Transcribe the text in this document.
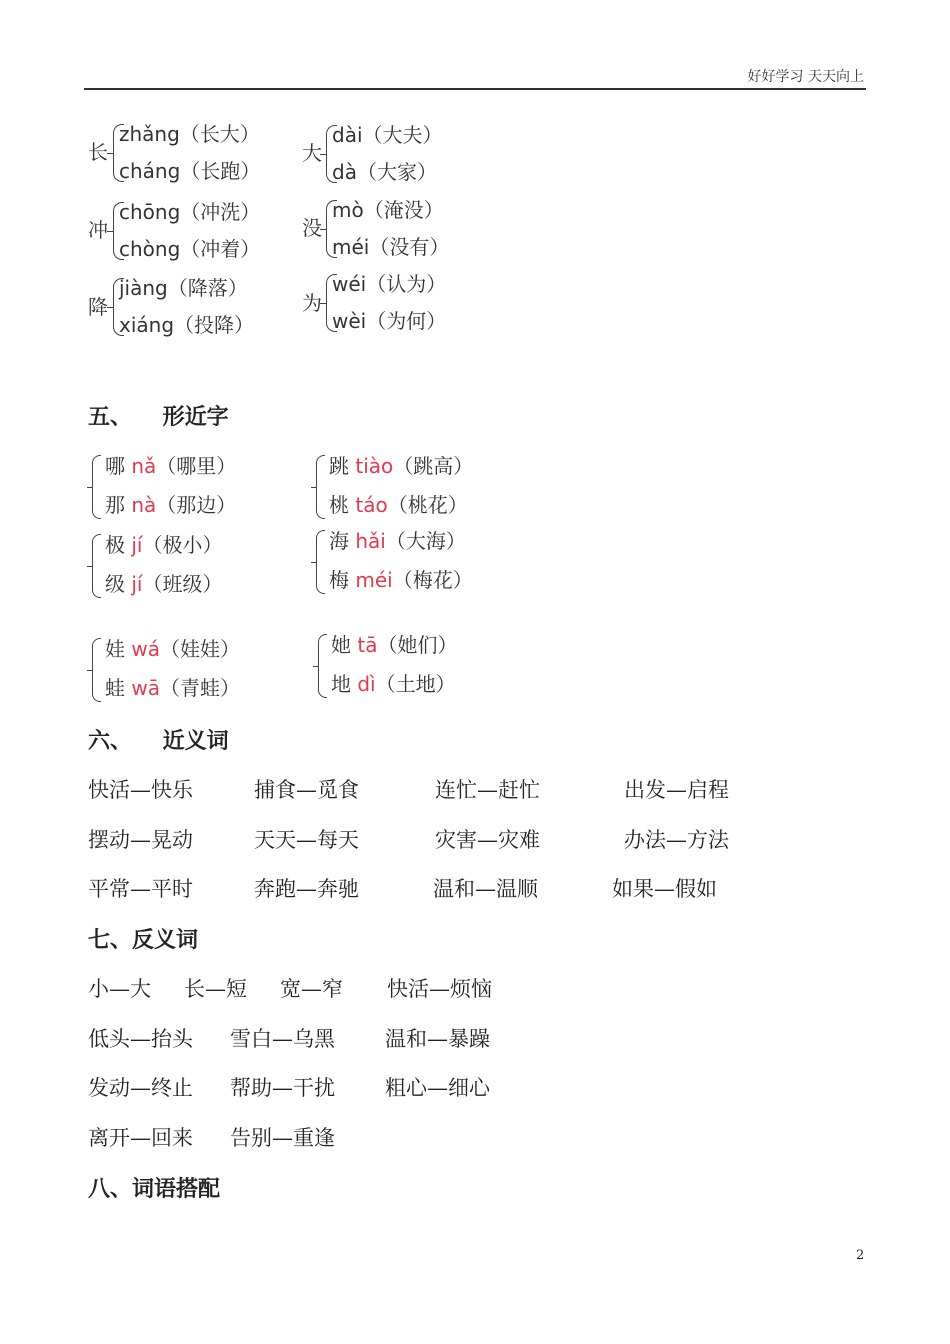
好好学习 天天向上
长
zhǎng（长大）
cháng（长跑）
大
dài（大夫）
dà（大家）
冲
chōng（冲洗）
chòng（冲着）
没
mò（淹没）
méi（没有）
降
jiàng（降落）
xiáng（投降）
为
wéi（认为）
wèi（为何）
五、    形近字
哪 nǎ（哪里）
那 nà（那边）
跳 tiào（跳高）
桃 táo（桃花）
极 jí（极小）
级 jí（班级）
海 hǎi（大海）
梅 méi（梅花）
娃 wá（娃娃）
蛙 wā（青蛙）
她 tā（她们）
地 dì（土地）
六、    近义词
快活—快乐	捕食—觅食	连忙—赶忙	出发—启程
摆动—晃动	天天—每天	灾害—灾难	办法—方法
平常—平时	奔跑—奔驰	温和—温顺	如果—假如
七、反义词
小—大 长—短 宽—窄 快活—烦恼
低头—抬头 雪白—乌黑 温和—暴躁
发动—终止 帮助—干扰 粗心—细心
离开—回来 告别—重逢
八、词语搭配
2
